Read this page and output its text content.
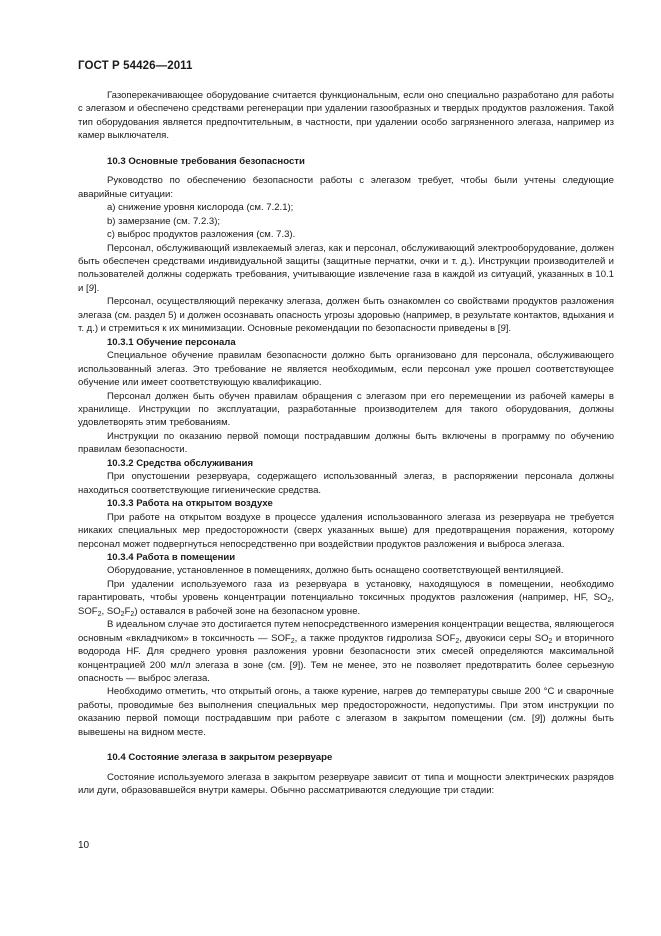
ГОСТ Р 54426—2011

Газоперекачивающее оборудование считается функциональным, если оно специально разработано для работы с элегазом и обеспечено средствами регенерации при удалении газообразных и твердых продуктов разложения. Такой тип оборудования является предпочтительным, в частности, при удалении особо загрязненного элегаза, например из камер выключателя.

10.3 Основные требования безопасности

Руководство по обеспечению безопасности работы с элегазом требует, чтобы были учтены следующие аварийные ситуации:

а) снижение уровня кислорода (см. 7.2.1);

b) замерзание (см. 7.2.3);

с) выброс продуктов разложения (см. 7.3).

Персонал, обслуживающий извлекаемый элегаз, как и персонал, обслуживающий электрооборудование, должен быть обеспечен средствами индивидуальной защиты (защитные перчатки, очки и т. д.). Инструкции производителей и пользователей должны содержать требования, учитывающие извлечение газа в каждой из ситуаций, указанных в 10.1 и [9].

Персонал, осуществляющий перекачку элегаза, должен быть ознакомлен со свойствами продуктов разложения элегаза (см. раздел 5) и должен осознавать опасность угрозы здоровью (например, в результате контактов, вдыхания и т. д.) и стремиться к их минимизации. Основные рекомендации по безопасности приведены в [9].

10.3.1 Обучение персонала

Специальное обучение правилам безопасности должно быть организовано для персонала, обслуживающего использованный элегаз. Это требование не является необходимым, если персонал уже прошел соответствующее обучение или имеет соответствующую квалификацию.

Персонал должен быть обучен правилам обращения с элегазом при его перемещении из рабочей камеры в хранилище. Инструкции по эксплуатации, разработанные производителем для такого оборудования, должны удовлетворять этим требованиям.

Инструкции по оказанию первой помощи пострадавшим должны быть включены в программу по обучению правилам безопасности.

10.3.2 Средства обслуживания

При опустошении резервуара, содержащего использованный элегаз, в распоряжении персонала должны находиться соответствующие гигиенические средства.

10.3.3 Работа на открытом воздухе

При работе на открытом воздухе в процессе удаления использованного элегаза из резервуара не требуется никаких специальных мер предосторожности (сверх указанных выше) для предотвращения поражения, которому персонал может подвергнуться непосредственно при воздействии продуктов разложения и выброса элегаза.

10.3.4 Работа в помещении

Оборудование, установленное в помещениях, должно быть оснащено соответствующей вентиляцией.

При удалении используемого газа из резервуара в установку, находящуюся в помещении, необходимо гарантировать, чтобы уровень концентрации потенциально токсичных продуктов разложения (например, HF, $SO_2$, $SOF_2$, $SO_2F_2$) оставался в рабочей зоне на безопасном уровне.

В идеальном случае это достигается путем непосредственного измерения концентрации вещества, являющегося основным «вкладчиком» в токсичность — $SOF_2$, а также продуктов гидролиза $SOF_2$, двуокиси серы $SO_2$ и вторичного водорода HF. Для среднего уровня разложения уровни безопасности этих смесей определяются максимальной концентрацией 200 мл/л элегаза в зоне (см. [9]). Тем не менее, это не позволяет предотвратить более серьезную опасность — выброс элегаза.

Необходимо отметить, что открытый огонь, а также курение, нагрев до температуры свыше 200 °С и сварочные работы, проводимые без выполнения специальных мер предосторожности, недопустимы. При этом инструкции по оказанию первой помощи пострадавшим при работе с элегазом в закрытом помещении (см. [9]) должны быть вывешены на видном месте.

10.4 Состояние элегаза в закрытом резервуаре

Состояние используемого элегаза в закрытом резервуаре зависит от типа и мощности электрических разрядов или дуги, образовавшейся внутри камеры. Обычно рассматриваются следующие три стадии:

10
